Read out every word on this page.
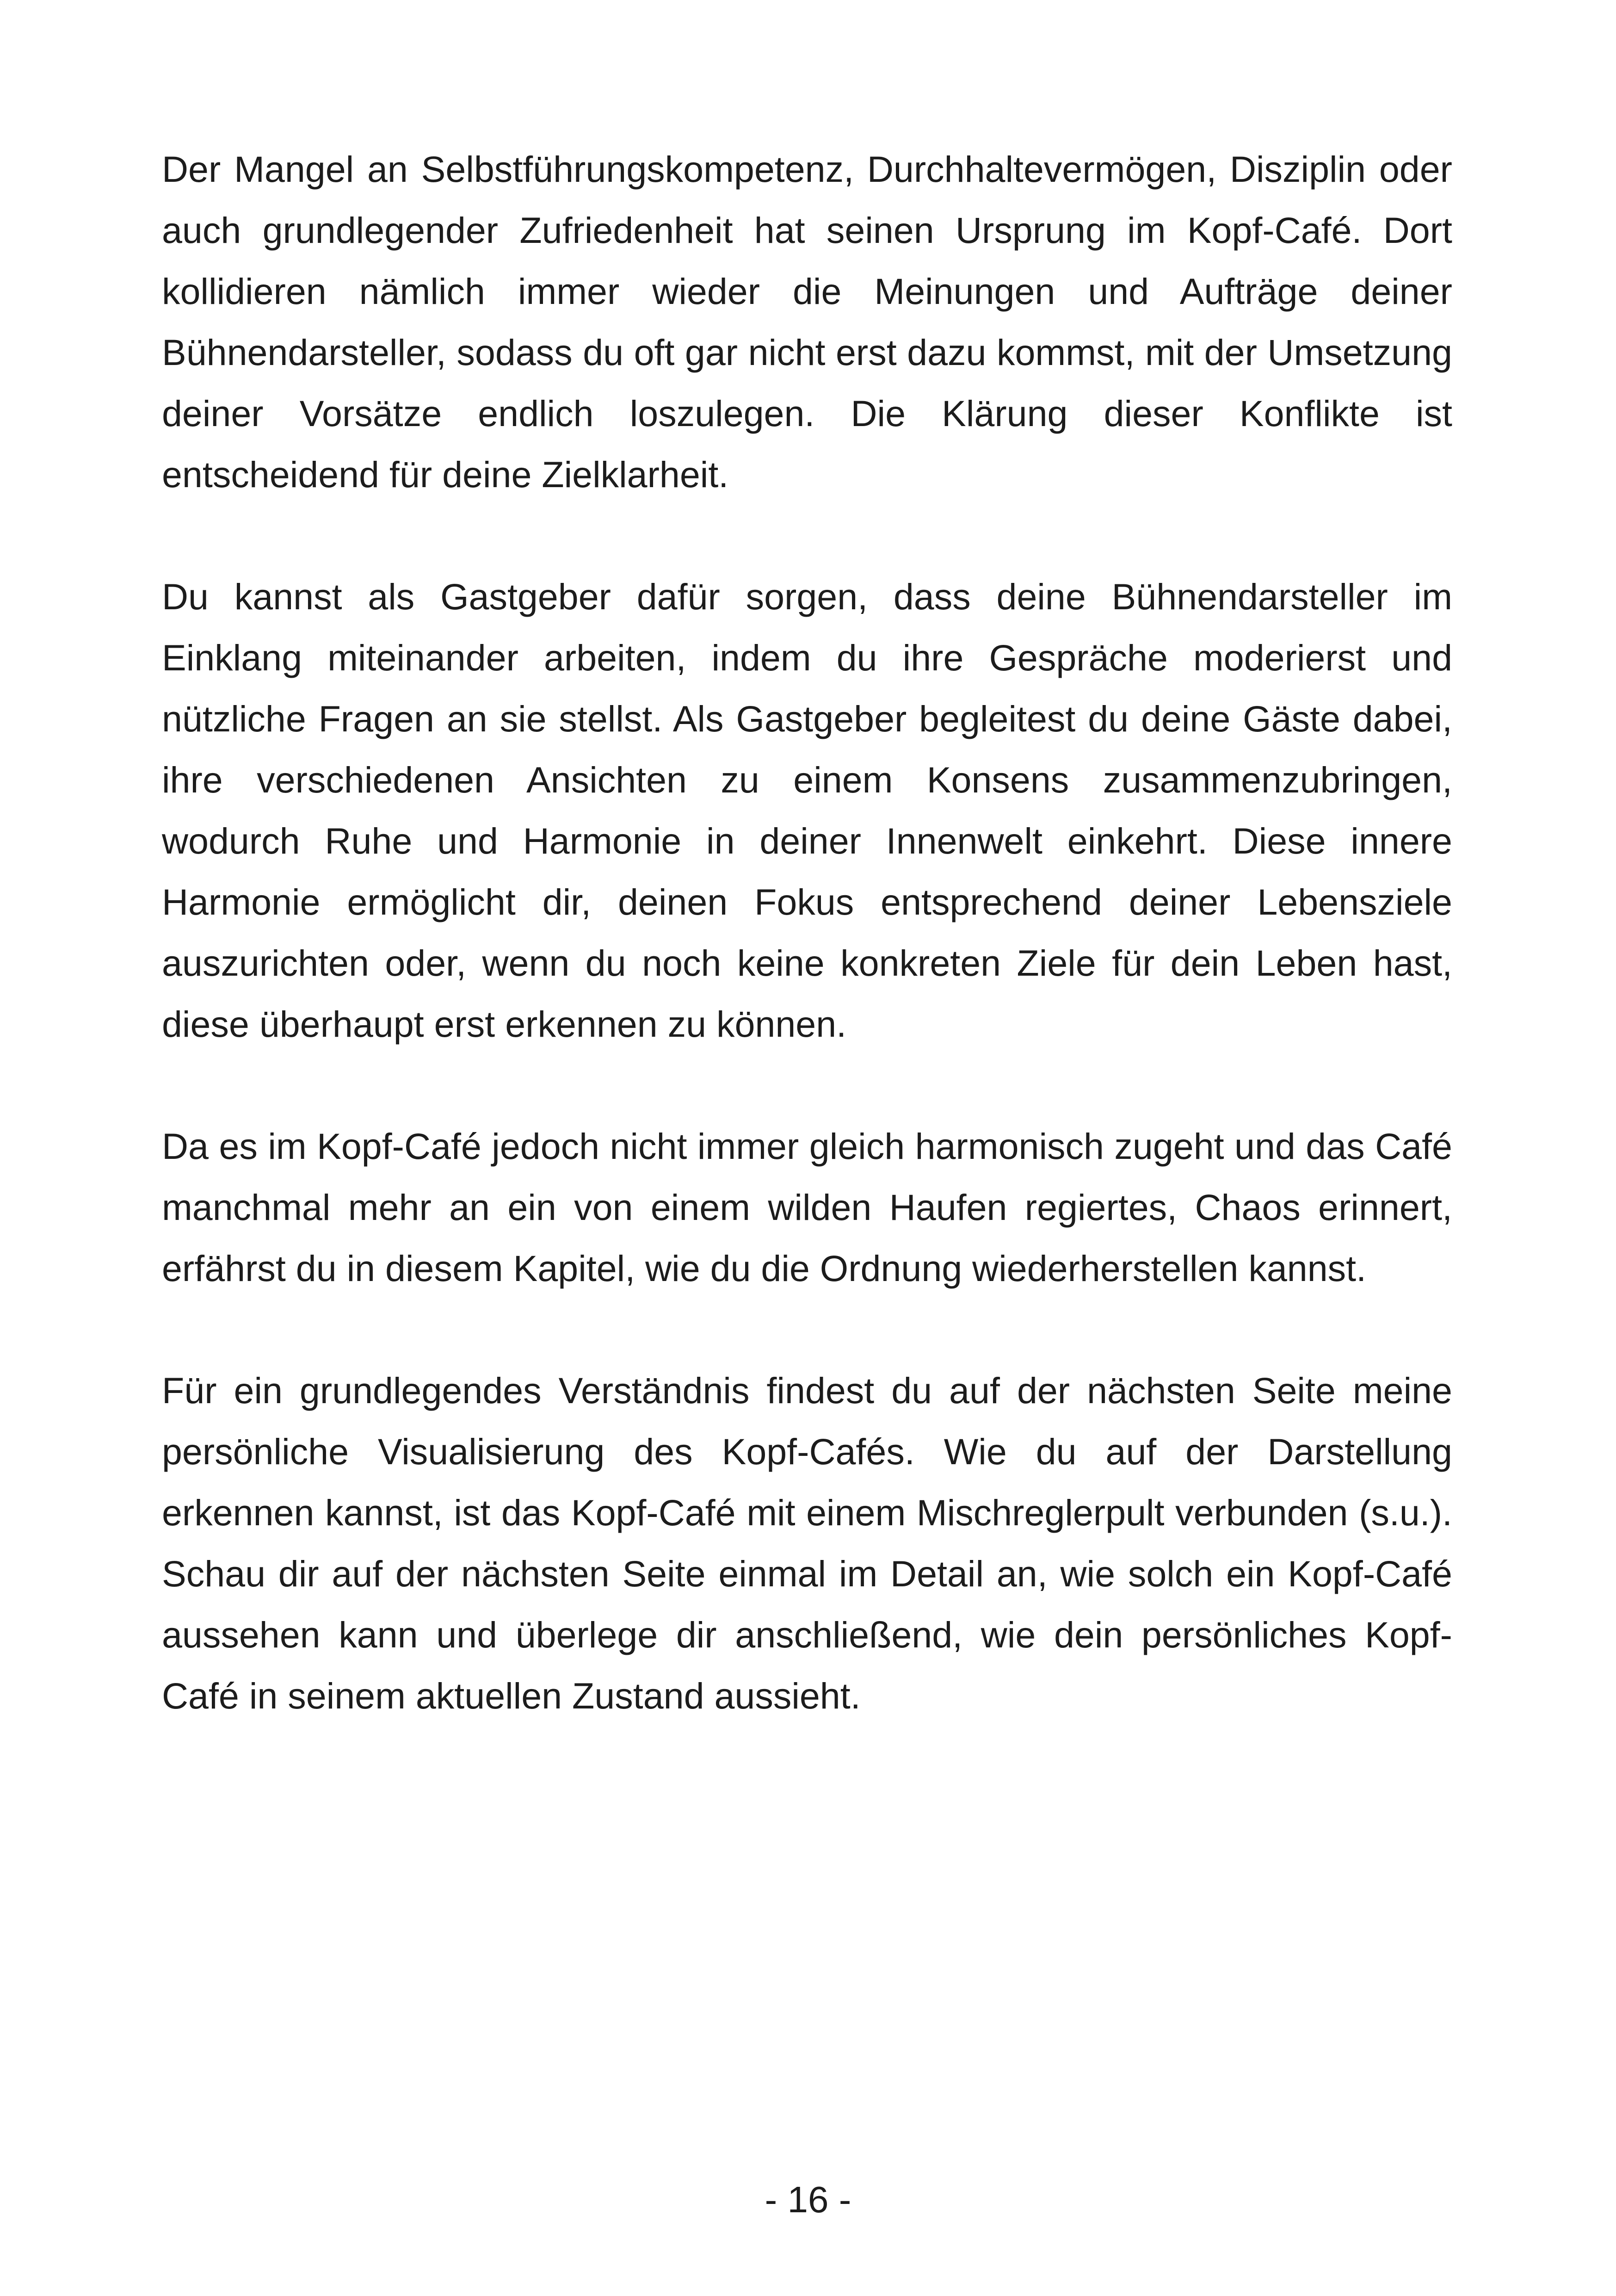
Der Mangel an Selbstführungskompetenz, Durchhaltevermögen, Disziplin oder auch grundlegender Zufriedenheit hat seinen Ursprung im Kopf-Café. Dort kollidieren nämlich immer wieder die Meinungen und Aufträge deiner Bühnendarsteller, sodass du oft gar nicht erst dazu kommst, mit der Umsetzung deiner Vorsätze endlich loszulegen. Die Klärung dieser Konflikte ist entscheidend für deine Zielklarheit.

Du kannst als Gastgeber dafür sorgen, dass deine Bühnendarsteller im Einklang miteinander arbeiten, indem du ihre Gespräche moderierst und nützliche Fragen an sie stellst. Als Gastgeber begleitest du deine Gäste dabei, ihre verschiedenen Ansichten zu einem Konsens zusammenzubringen, wodurch Ruhe und Harmonie in deiner Innenwelt einkehrt. Diese innere Harmonie ermöglicht dir, deinen Fokus entsprechend deiner Lebensziele auszurichten oder, wenn du noch keine konkreten Ziele für dein Leben hast, diese überhaupt erst erkennen zu können.

Da es im Kopf-Café jedoch nicht immer gleich harmonisch zugeht und das Café manchmal mehr an ein von einem wilden Haufen regiertes, Chaos erinnert, erfährst du in diesem Kapitel, wie du die Ordnung wiederherstellen kannst.

Für ein grundlegendes Verständnis findest du auf der nächsten Seite meine persönliche Visualisierung des Kopf-Cafés. Wie du auf der Darstellung erkennen kannst, ist das Kopf-Café mit einem Mischreglerpult verbunden (s.u.). Schau dir auf der nächsten Seite einmal im Detail an, wie solch ein Kopf-Café aussehen kann und überlege dir anschließend, wie dein persönliches Kopf-Café in seinem aktuellen Zustand aussieht.

- 16 -
